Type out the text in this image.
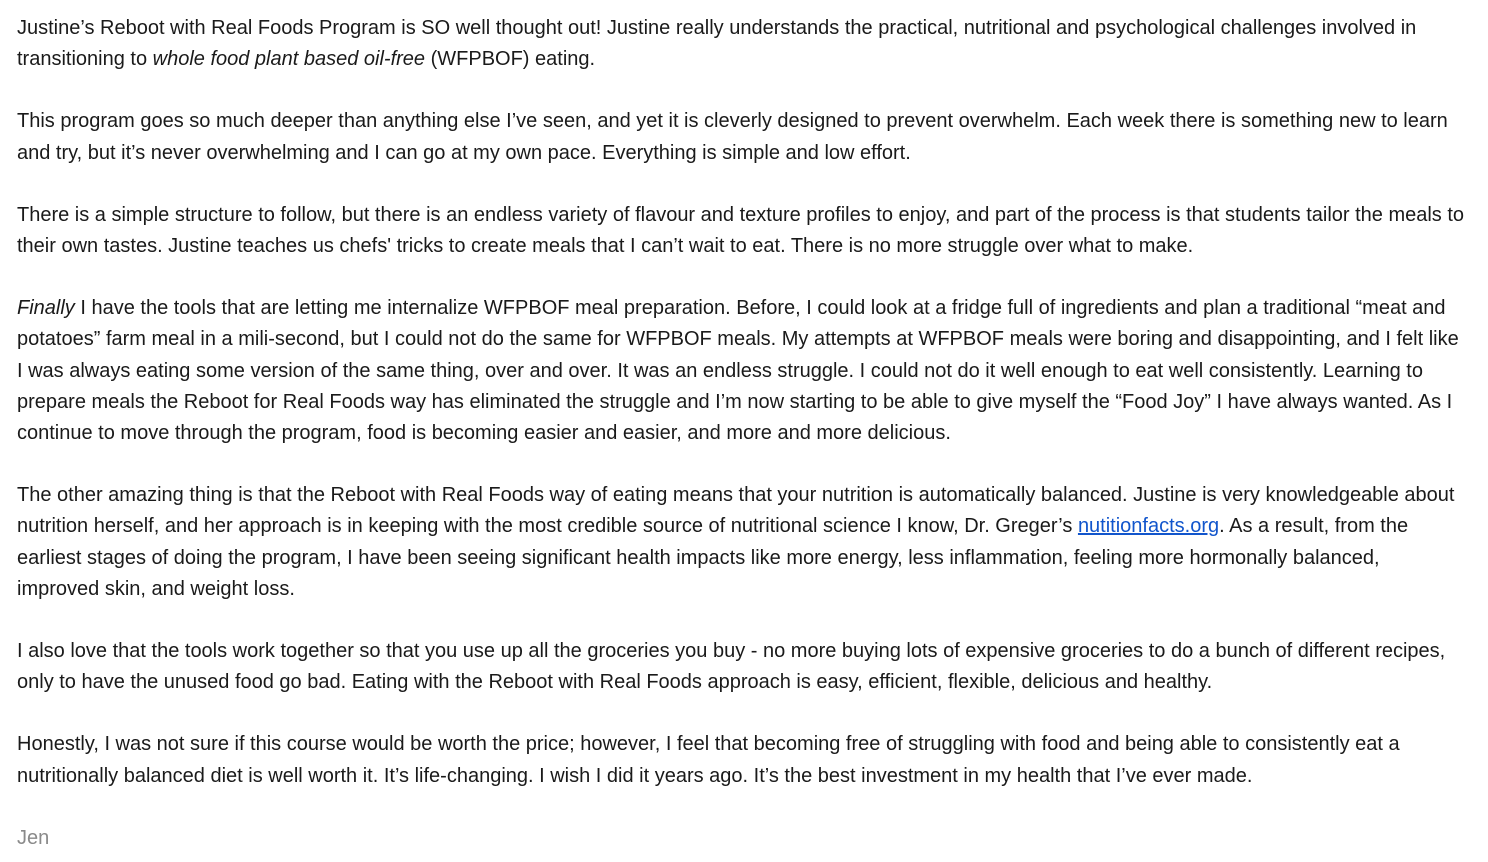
Justine’s Reboot with Real Foods Program is SO well thought out! Justine really understands the practical, nutritional and psychological challenges involved in transitioning to whole food plant based oil-free (WFPBOF) eating.

This program goes so much deeper than anything else I’ve seen, and yet it is cleverly designed to prevent overwhelm. Each week there is something new to learn and try, but it’s never overwhelming and I can go at my own pace. Everything is simple and low effort.

There is a simple structure to follow, but there is an endless variety of flavour and texture profiles to enjoy, and part of the process is that students tailor the meals to their own tastes. Justine teaches us chefs' tricks to create meals that I can’t wait to eat. There is no more struggle over what to make.

Finally I have the tools that are letting me internalize WFPBOF meal preparation. Before, I could look at a fridge full of ingredients and plan a traditional “meat and potatoes” farm meal in a mili-second, but I could not do the same for WFPBOF meals. My attempts at WFPBOF meals were boring and disappointing, and I felt like I was always eating some version of the same thing, over and over. It was an endless struggle. I could not do it well enough to eat well consistently. Learning to prepare meals the Reboot for Real Foods way has eliminated the struggle and I’m now starting to be able to give myself the “Food Joy” I have always wanted. As I continue to move through the program, food is becoming easier and easier, and more and more delicious.

The other amazing thing is that the Reboot with Real Foods way of eating means that your nutrition is automatically balanced. Justine is very knowledgeable about nutrition herself, and her approach is in keeping with the most credible source of nutritional science I know, Dr. Greger’s nutitionfacts.org. As a result, from the earliest stages of doing the program, I have been seeing significant health impacts like more energy, less inflammation, feeling more hormonally balanced, improved skin, and weight loss.

I also love that the tools work together so that you use up all the groceries you buy - no more buying lots of expensive groceries to do a bunch of different recipes, only to have the unused food go bad. Eating with the Reboot with Real Foods approach is easy, efficient, flexible, delicious and healthy.

Honestly, I was not sure if this course would be worth the price; however, I feel that becoming free of struggling with food and being able to consistently eat a nutritionally balanced diet is well worth it. It’s life-changing. I wish I did it years ago. It’s the best investment in my health that I’ve ever made.

Jen
